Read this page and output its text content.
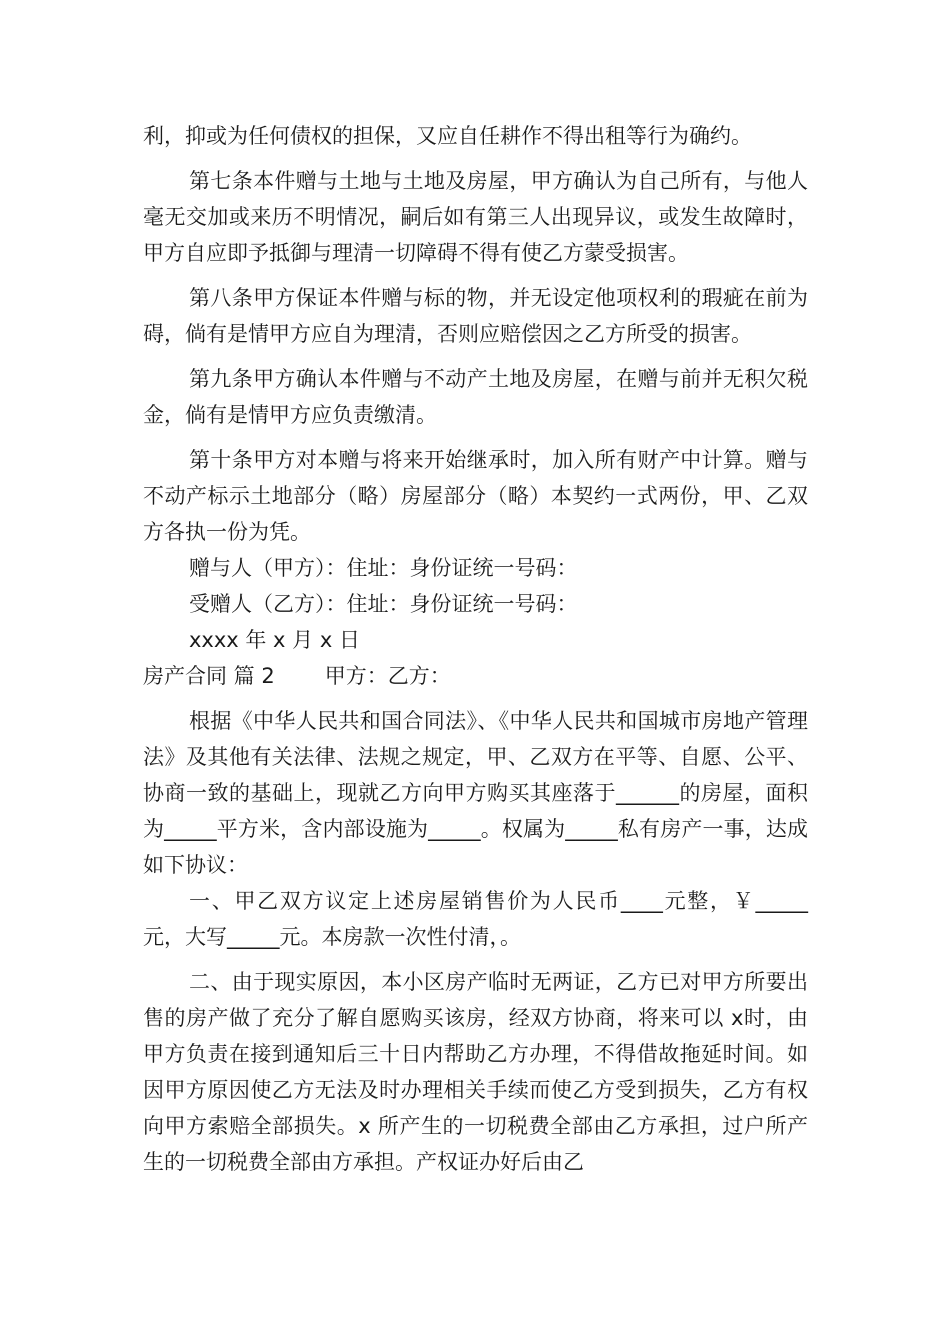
利，抑或为任何债权的担保，又应自任耕作不得出租等行为确约。

第七条本件赠与土地与土地及房屋，甲方确认为自己所有，与他人毫无交加或来历不明情况，嗣后如有第三人出现异议，或发生故障时，甲方自应即予抵御与理清一切障碍不得有使乙方蒙受损害。

第八条甲方保证本件赠与标的物，并无设定他项权利的瑕疵在前为碍，倘有是情甲方应自为理清，否则应赔偿因之乙方所受的损害。

第九条甲方确认本件赠与不动产土地及房屋，在赠与前并无积欠税金，倘有是情甲方应负责缴清。

第十条甲方对本赠与将来开始继承时，加入所有财产中计算。赠与不动产标示土地部分（略）房屋部分（略）本契约一式两份，甲、乙双方各执一份为凭。

赠与人（甲方）：住址：身份证统一号码：

受赠人（乙方）：住址：身份证统一号码：

xxxx 年 x 月 x 日

房产合同 篇 2 甲方：乙方：

根据《中华人民共和国合同法》、《中华人民共和国城市房地产管理法》及其他有关法律、法规之规定，甲、乙双方在平等、自愿、公平、协商一致的基础上，现就乙方向甲方购买其座落于______的房屋，面积为_____平方米，含内部设施为_____。权属为_____私有房产一事，达成如下协议：

一、甲乙双方议定上述房屋销售价为人民币____元整，￥_____元，大写_____元。本房款一次性付清，。

二、由于现实原因，本小区房产临时无两证，乙方已对甲方所要出售的房产做了充分了解自愿购买该房，经双方协商，将来可以 x时，由甲方负责在接到通知后三十日内帮助乙方办理，不得借故拖延时间。如因甲方原因使乙方无法及时办理相关手续而使乙方受到损失，乙方有权向甲方索赔全部损失。x 所产生的一切税费全部由乙方承担，过户所产生的一切税费全部由方承担。产权证办好后由乙
